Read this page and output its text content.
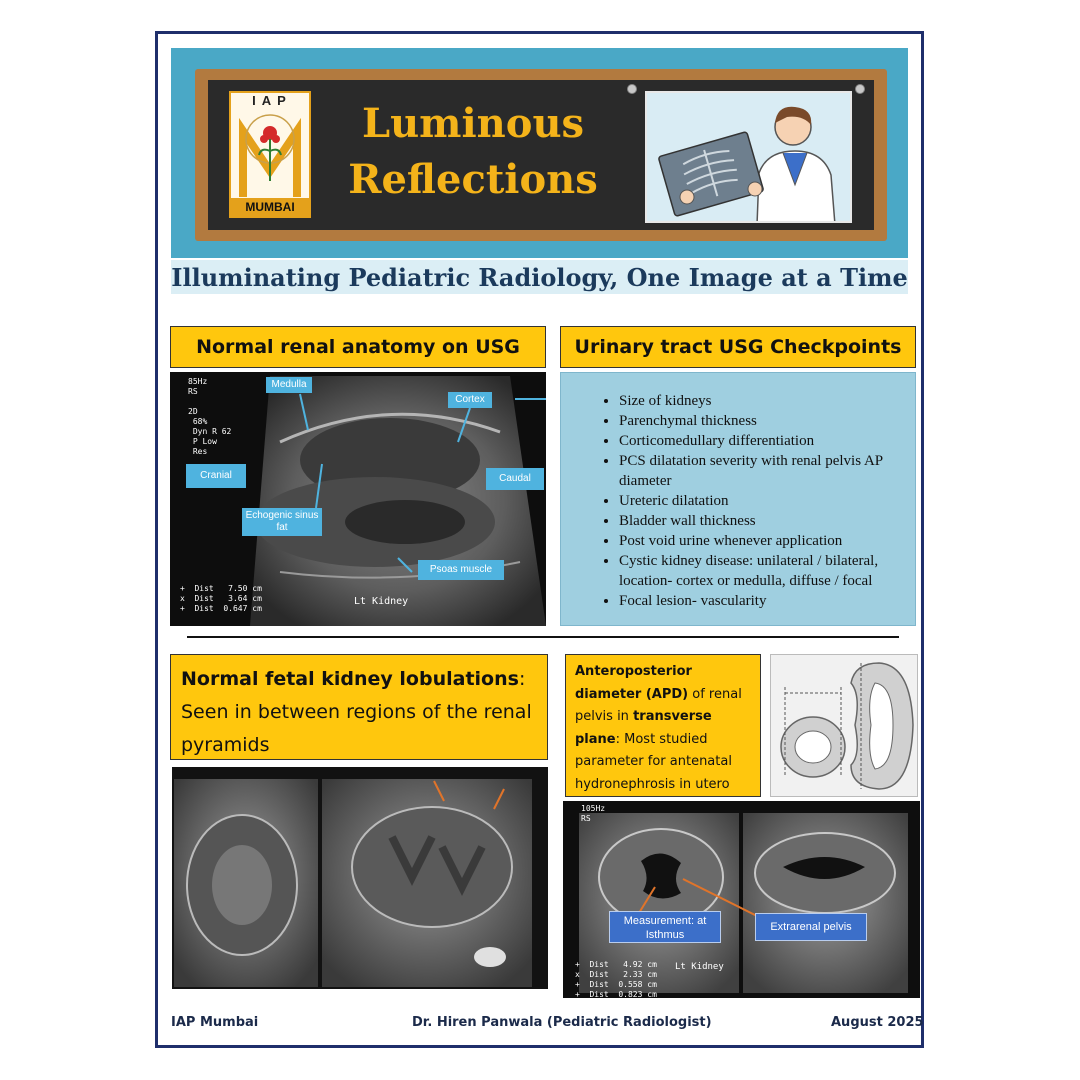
IAP
MUMBAI
Luminous
Reflections
Illuminating Pediatric Radiology, One Image at a Time
Normal renal anatomy on USG
85Hz
RS

2D
68%
Dyn R 62
P Low
Res
Medulla
Cortex
Cranial	Caudal
Echogenic sinus fat
Psoas muscle
Lt Kidney
+  Dist   7.50 cm
x  Dist   3.64 cm
+  Dist  0.647 cm
Urinary tract USG Checkpoints
• Size of kidneys
• Parenchymal thickness
• Corticomedullary differentiation
• PCS dilatation severity with renal pelvis AP diameter
• Ureteric dilatation
• Bladder wall thickness
• Post void urine whenever application
• Cystic kidney disease: unilateral / bilateral, location- cortex or medulla, diffuse / focal
• Focal lesion- vascularity
Normal fetal kidney lobulations: Seen in between regions of the renal pyramids
Anteroposterior diameter (APD) of renal pelvis in transverse plane: Most studied parameter for antenatal hydronephrosis in utero
105Hz
RS
Measurement: at Isthmus
Extrarenal pelvis
Lt Kidney
+  Dist   4.92 cm
x  Dist   2.33 cm
+  Dist  0.558 cm
+  Dist  0.823 cm
IAP Mumbai	Dr. Hiren Panwala (Pediatric Radiologist)	August 2025
